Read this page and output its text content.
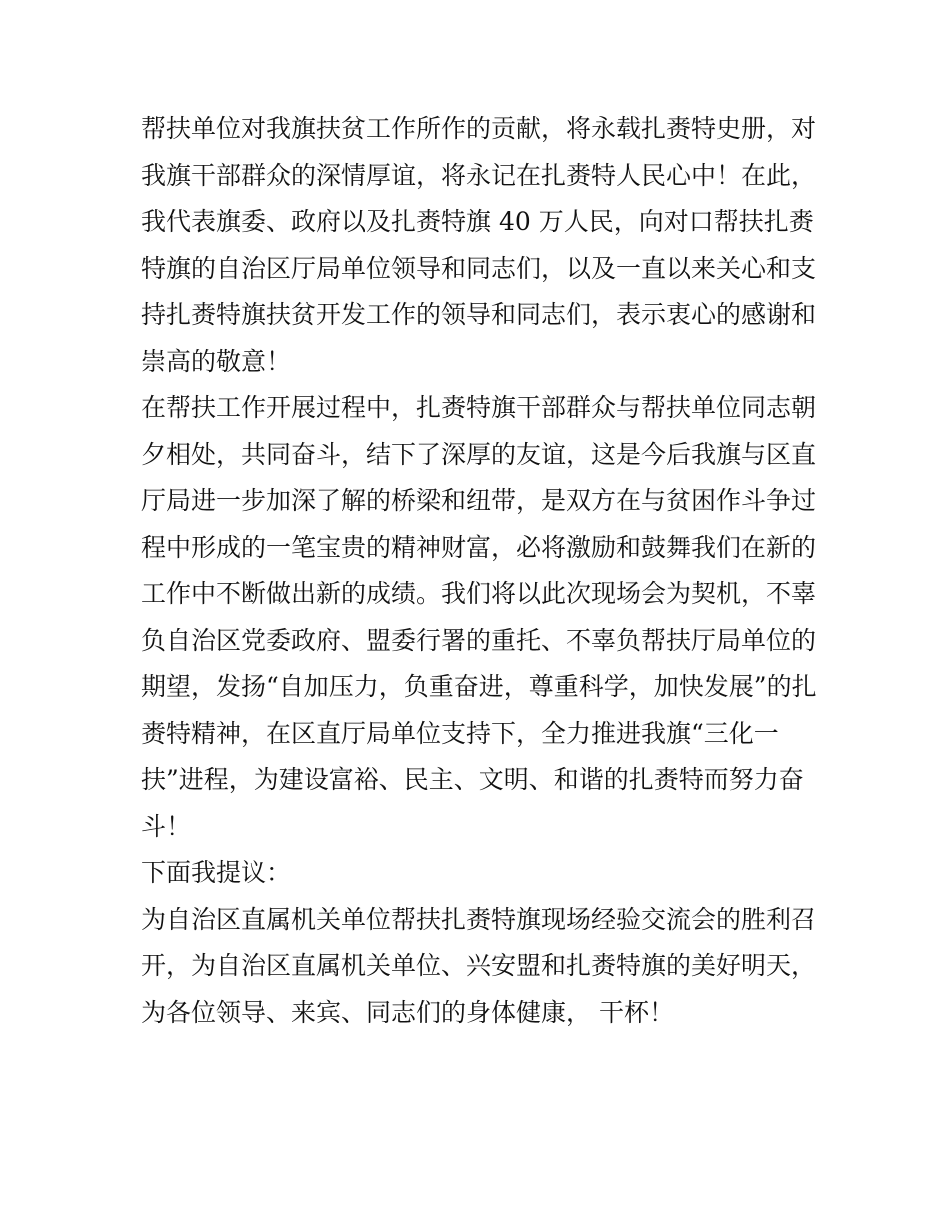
帮扶单位对我旗扶贫工作所作的贡献，将永载扎赉特史册，对
我旗干部群众的深情厚谊，将永记在扎赉特人民心中！在此，
我代表旗委、政府以及扎赉特旗 40 万人民，向对口帮扶扎赉
特旗的自治区厅局单位领导和同志们，以及一直以来关心和支
持扎赉特旗扶贫开发工作的领导和同志们，表示衷心的感谢和
崇高的敬意！
在帮扶工作开展过程中，扎赉特旗干部群众与帮扶单位同志朝
夕相处，共同奋斗，结下了深厚的友谊，这是今后我旗与区直
厅局进一步加深了解的桥梁和纽带，是双方在与贫困作斗争过
程中形成的一笔宝贵的精神财富，必将激励和鼓舞我们在新的
工作中不断做出新的成绩。我们将以此次现场会为契机，不辜
负自治区党委政府、盟委行署的重托、不辜负帮扶厅局单位的
期望，发扬“自加压力，负重奋进，尊重科学，加快发展”的扎
赉特精神，在区直厅局单位支持下，全力推进我旗“三化一
扶”进程，为建设富裕、民主、文明、和谐的扎赉特而努力奋
斗！
下面我提议：
为自治区直属机关单位帮扶扎赉特旗现场经验交流会的胜利召
开，为自治区直属机关单位、兴安盟和扎赉特旗的美好明天，
为各位领导、来宾、同志们的身体健康， 干杯！
